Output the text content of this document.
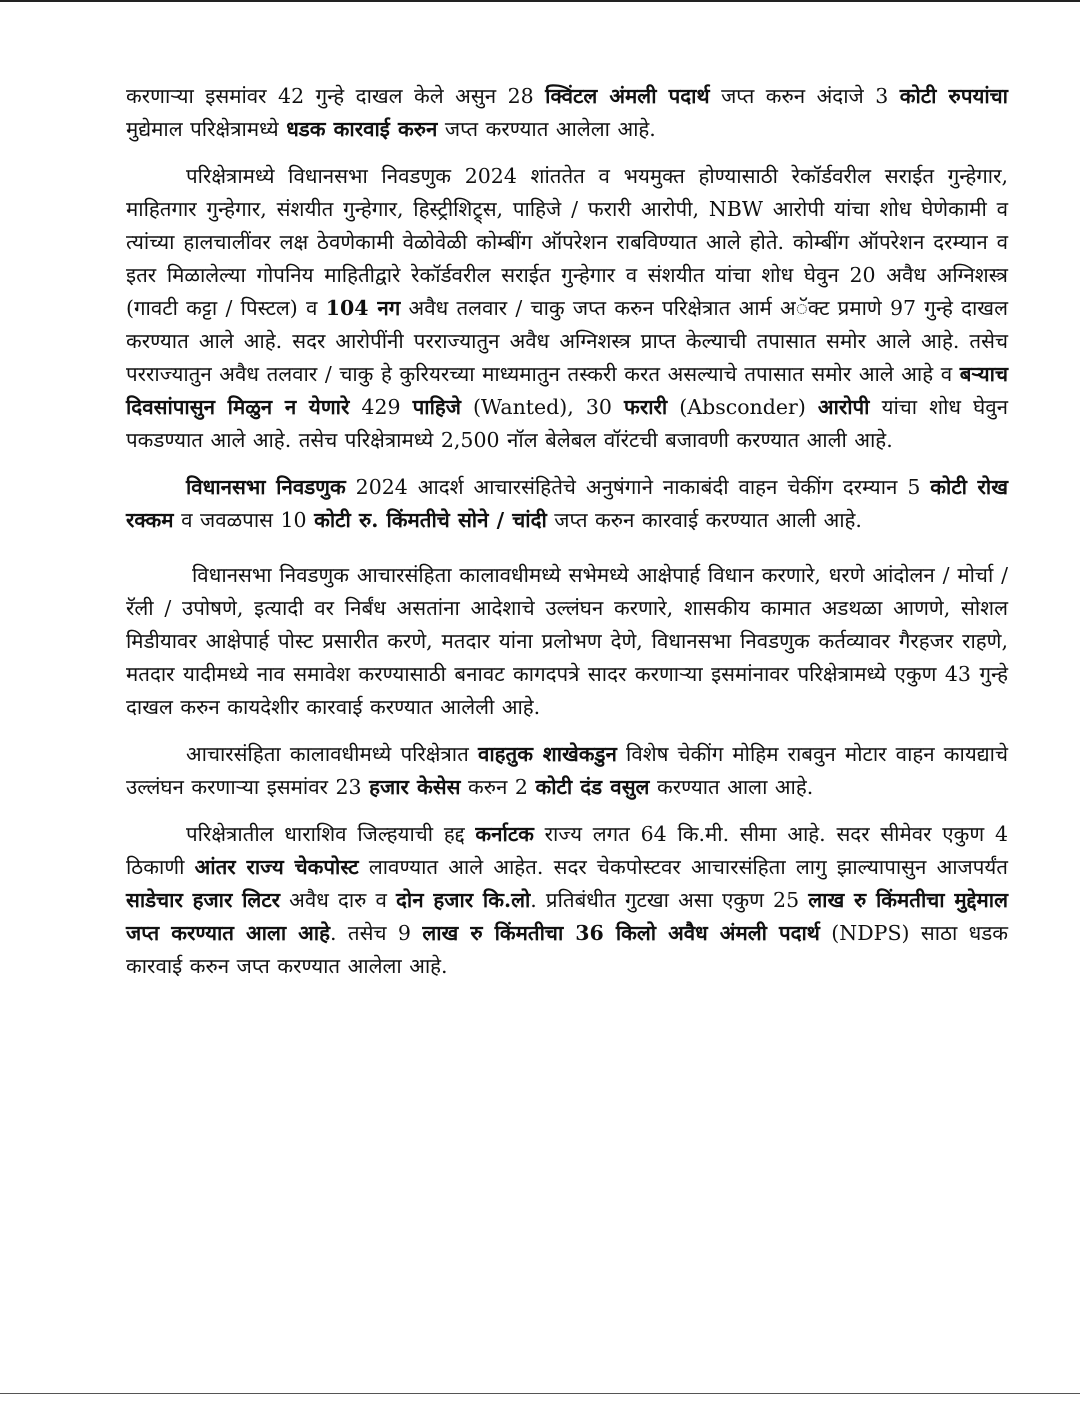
करणाऱ्या इसमांवर 42 गुन्हे दाखल केले असुन 28 क्विंटल अंमली पदार्थ जप्त करुन अंदाजे 3 कोटी रुपयांचा मुद्येमाल परिक्षेत्रामध्ये धडक कारवाई करुन जप्त करण्यात आलेला आहे.

परिक्षेत्रामध्ये विधानसभा निवडणुक 2024 शांततेत व भयमुक्त होण्यासाठी रेकॉर्डवरील सराईत गुन्हेगार, माहितगार गुन्हेगार, संशयीत गुन्हेगार, हिस्ट्रीशिट्र्स, पाहिजे / फरारी आरोपी, NBW आरोपी यांचा शोध घेणेकामी व त्यांच्या हालचालींवर लक्ष ठेवणेकामी वेळोवेळी कोम्बींग ऑपरेशन राबविण्यात आले होते. कोम्बींग ऑपरेशन दरम्यान व इतर मिळालेल्या गोपनिय माहितीद्वारे रेकॉर्डवरील सराईत गुन्हेगार व संशयीत यांचा शोध घेवुन 20 अवैध अग्निशस्त्र (गावटी कट्टा / पिस्टल) व 104 नग अवैध तलवार / चाकु जप्त करुन परिक्षेत्रात आर्म अॅक्ट प्रमाणे 97 गुन्हे दाखल करण्यात आले आहे. सदर आरोपींनी परराज्यातुन अवैध अग्निशस्त्र प्राप्त केल्याची तपासात समोर आले आहे. तसेच परराज्यातुन अवैध तलवार / चाकु हे कुरियरच्या माध्यमातुन तस्करी करत असल्याचे तपासात समोर आले आहे व बऱ्याच दिवसांपासुन मिळुन न येणारे 429 पाहिजे (Wanted), 30 फरारी (Absconder) आरोपी यांचा शोध घेवुन पकडण्यात आले आहे. तसेच परिक्षेत्रामध्ये 2,500 नॉल बेलेबल वॉरंटची बजावणी करण्यात आली आहे.

विधानसभा निवडणुक 2024 आदर्श आचारसंहितेचे अनुषंगाने नाकाबंदी वाहन चेकींग दरम्यान 5 कोटी रोख रक्कम व जवळपास 10 कोटी रु. किंमतीचे सोने / चांदी जप्त करुन कारवाई करण्यात आली आहे.

विधानसभा निवडणुक आचारसंहिता कालावधीमध्ये सभेमध्ये आक्षेपार्ह विधान करणारे, धरणे आंदोलन / मोर्चा / रॅली / उपोषणे, इत्यादी वर निर्बंध असतांना आदेशाचे उल्लंघन करणारे, शासकीय कामात अडथळा आणणे, सोशल मिडीयावर आक्षेपार्ह पोस्ट प्रसारीत करणे, मतदार यांना प्रलोभण देणे, विधानसभा निवडणुक कर्तव्यावर गैरहजर राहणे, मतदार यादीमध्ये नाव समावेश करण्यासाठी बनावट कागदपत्रे सादर करणाऱ्या इसमांनावर परिक्षेत्रामध्ये एकुण 43 गुन्हे दाखल करुन कायदेशीर कारवाई करण्यात आलेली आहे.

आचारसंहिता कालावधीमध्ये परिक्षेत्रात वाहतुक शाखेकडुन विशेष चेकींग मोहिम राबवुन मोटार वाहन कायद्याचे उल्लंघन करणाऱ्या इसमांवर 23 हजार केसेस करुन 2 कोटी दंड वसुल करण्यात आला आहे.

परिक्षेत्रातील धाराशिव जिल्हयाची हद्द कर्नाटक राज्य लगत 64 कि.मी. सीमा आहे. सदर सीमेवर एकुण 4 ठिकाणी आंतर राज्य चेकपोस्ट लावण्यात आले आहेत. सदर चेकपोस्टवर आचारसंहिता लागु झाल्यापासुन आजपर्यंत साडेचार हजार लिटर अवैध दारु व दोन हजार कि.लो. प्रतिबंधीत गुटखा असा एकुण 25 लाख रु किंमतीचा मुद्देमाल जप्त करण्यात आला आहे. तसेच 9 लाख रु किंमतीचा 36 किलो अवैध अंमली पदार्थ (NDPS) साठा धडक कारवाई करुन जप्त करण्यात आलेला आहे.
